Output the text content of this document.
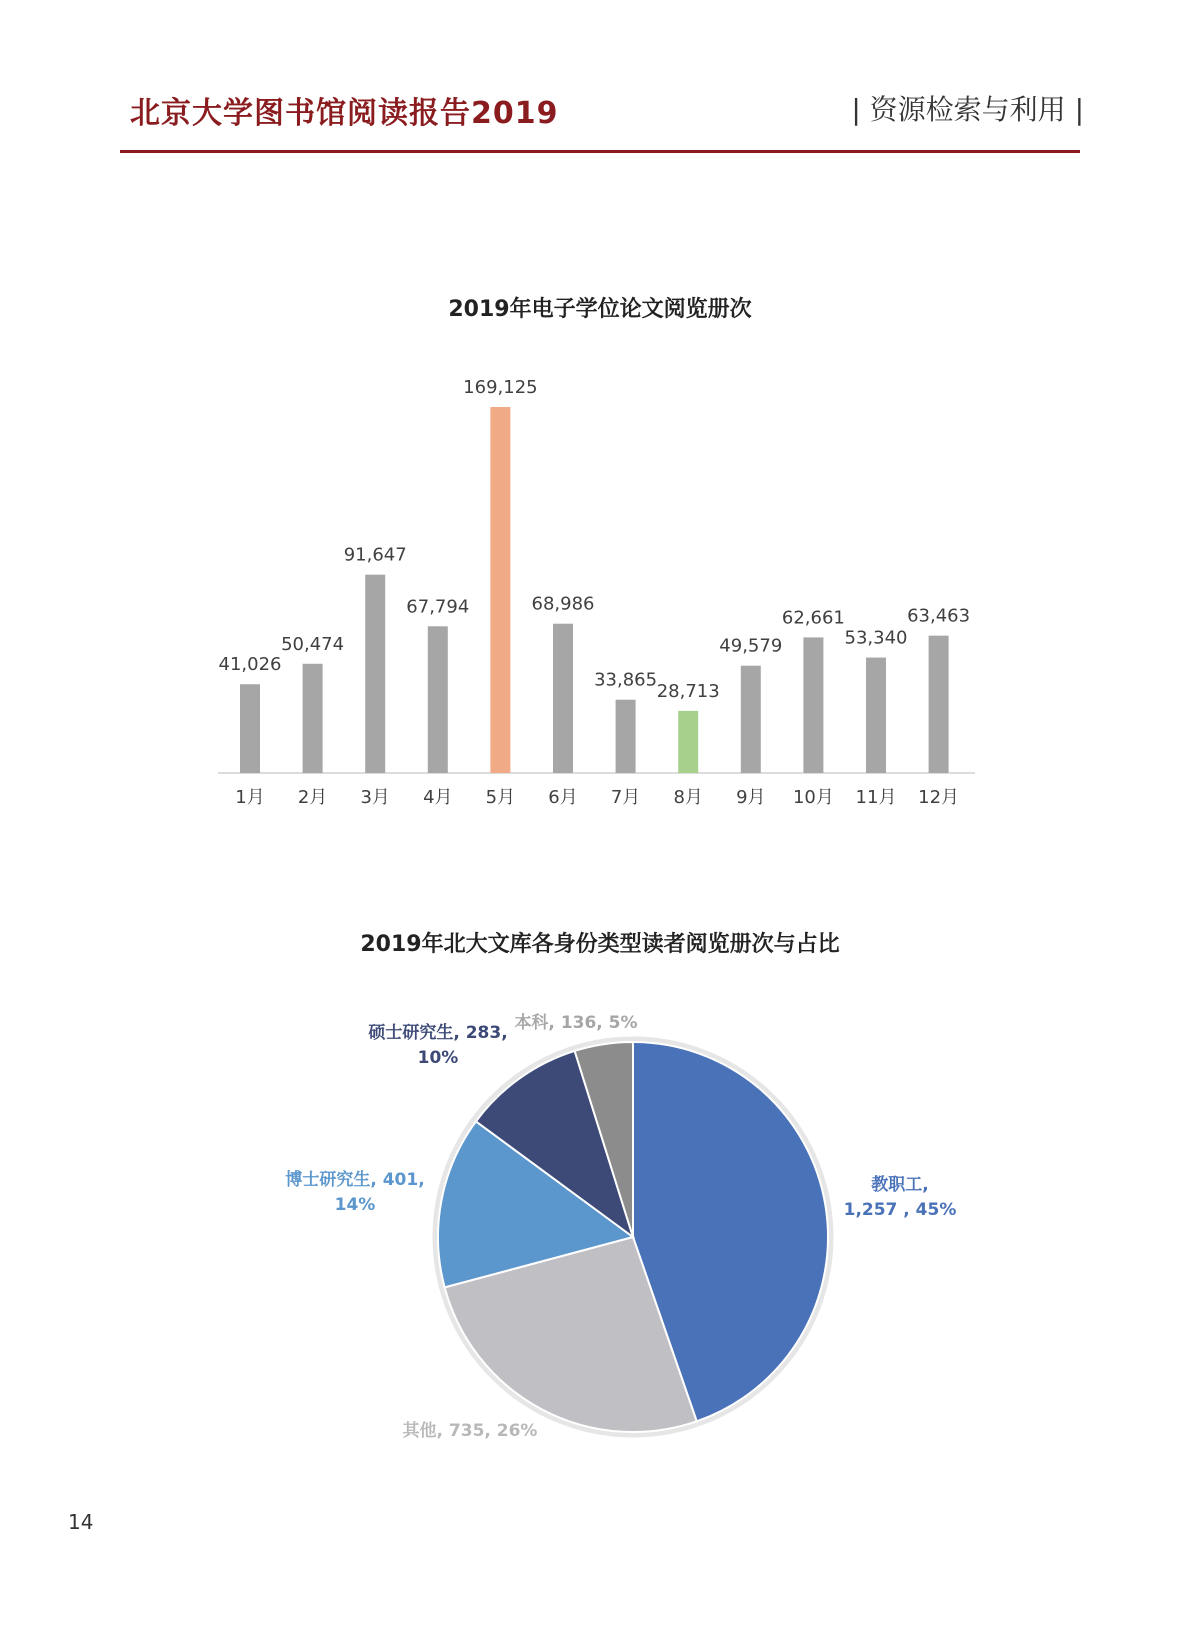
北京大学图书馆阅读报告2019	| 资源检索与利用 |
2019年电子学位论文阅览册次
41,026
1月
50,474
2月
91,647
3月
67,794
4月
169,125
5月
68,986
6月
33,865
7月
28,713
8月
49,579
9月
62,661
10月
53,340
11月
63,463
12月
2019年北大文库各身份类型读者阅览册次与占比
教职工,
1,257 , 45%
其他, 735, 26%
博士研究生, 401,
14%
硕士研究生, 283,
10%
本科, 136, 5%
14
